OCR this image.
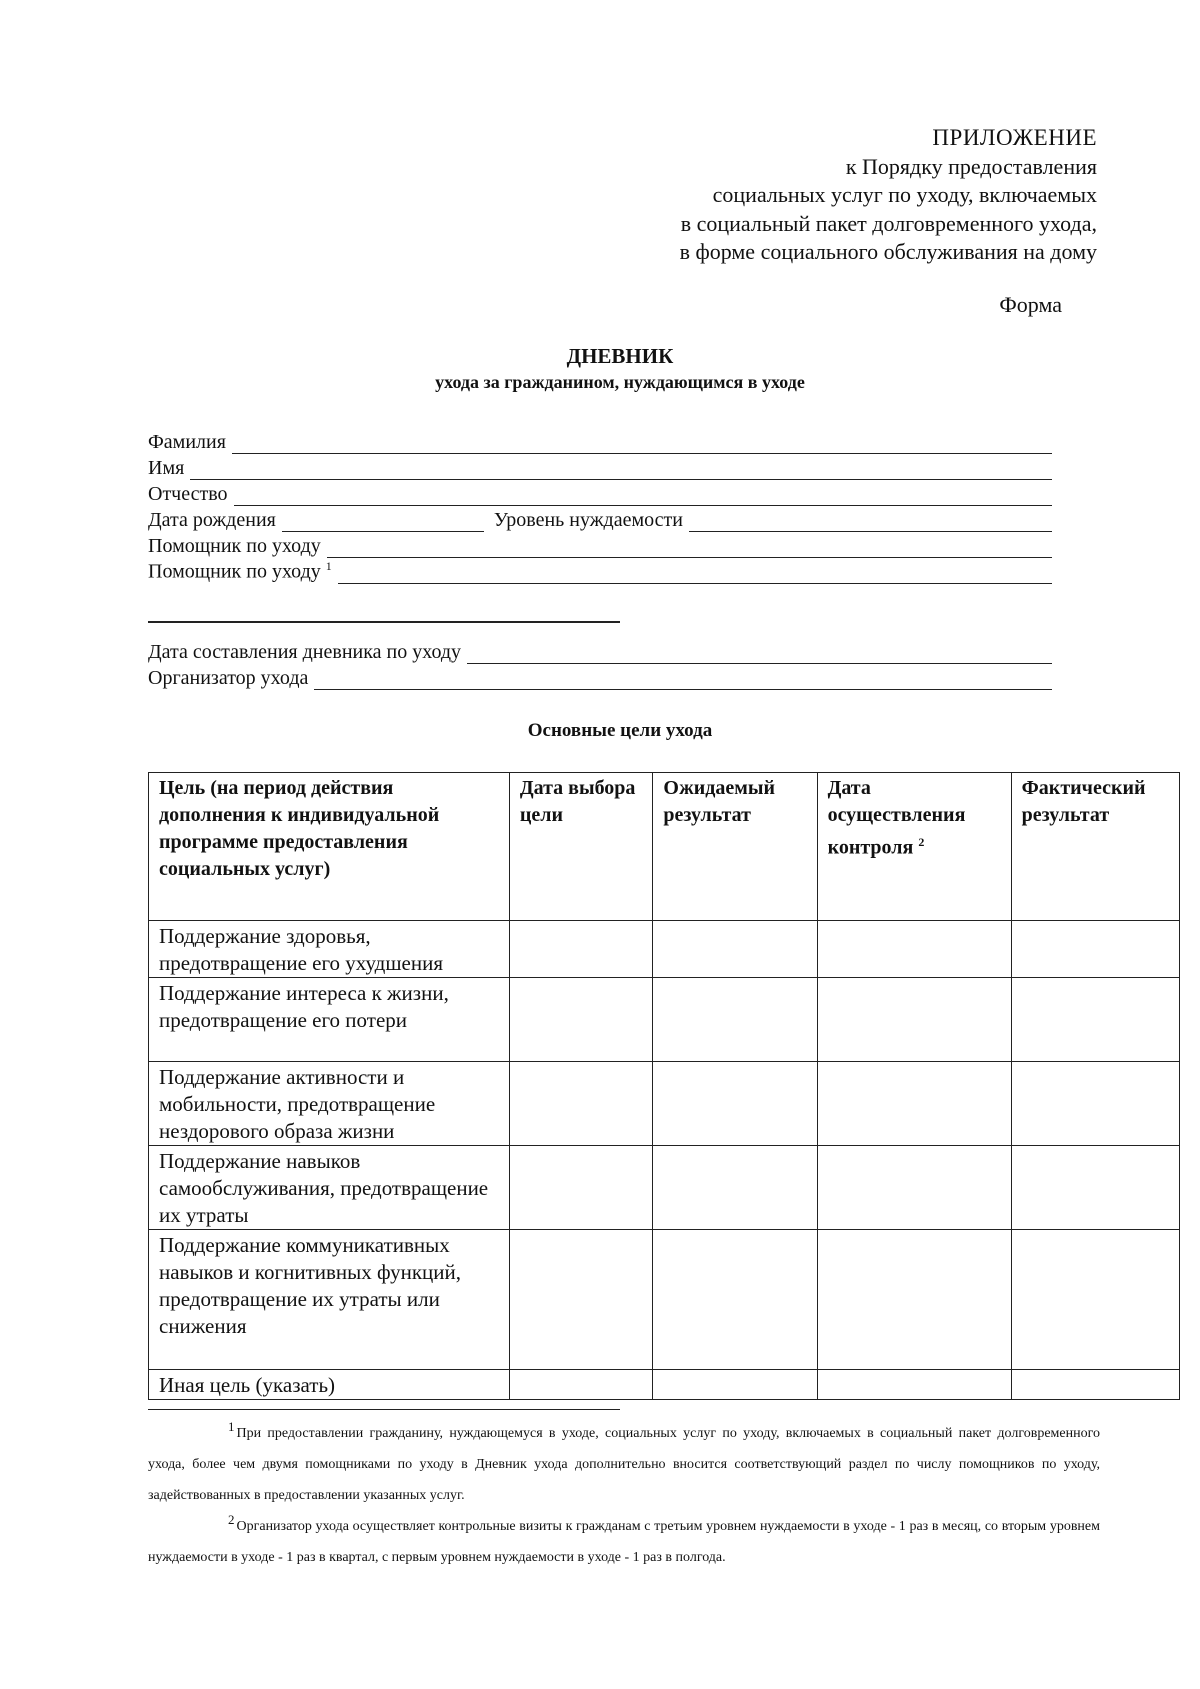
ПРИЛОЖЕНИЕ
к Порядку предоставления
социальных услуг по уходу, включаемых
в социальный пакет долговременного ухода,
в форме социального обслуживания на дому
Форма
ДНЕВНИК
ухода за гражданином, нуждающимся в уходе
Фамилия
Имя
Отчество
Дата рождения	Уровень нуждаемости
Помощник по уходу
Помощник по уходу $^1$
Дата составления дневника по уходу
Организатор ухода
Основные цели ухода
Цель (на период действия дополнения к индивидуальной программе предоставления социальных услуг)	Дата выбора цели	Ожидаемый результат	Дата осуществления контроля $^2$	Фактический результат
Поддержание здоровья, предотвращение его ухудшения				
Поддержание интереса к жизни, предотвращение его потери				
Поддержание активности и мобильности, предотвращение нездорового образа жизни				
Поддержание навыков самообслуживания, предотвращение их утраты				
Поддержание коммуникативных навыков и когнитивных функций, предотвращение их утраты или снижения				
Иная цель (указать)				

1 При предоставлении гражданину, нуждающемуся в уходе, социальных услуг по уходу, включаемых в социальный пакет долговременного ухода, более чем двумя помощниками по уходу в Дневник ухода дополнительно вносится соответствующий раздел по числу помощников по уходу, задействованных в предоставлении указанных услуг.

2 Организатор ухода осуществляет контрольные визиты к гражданам с третьим уровнем нуждаемости в уходе - 1 раз в месяц, со вторым уровнем нуждаемости в уходе - 1 раз в квартал, с первым уровнем нуждаемости в уходе - 1 раз в полгода.
